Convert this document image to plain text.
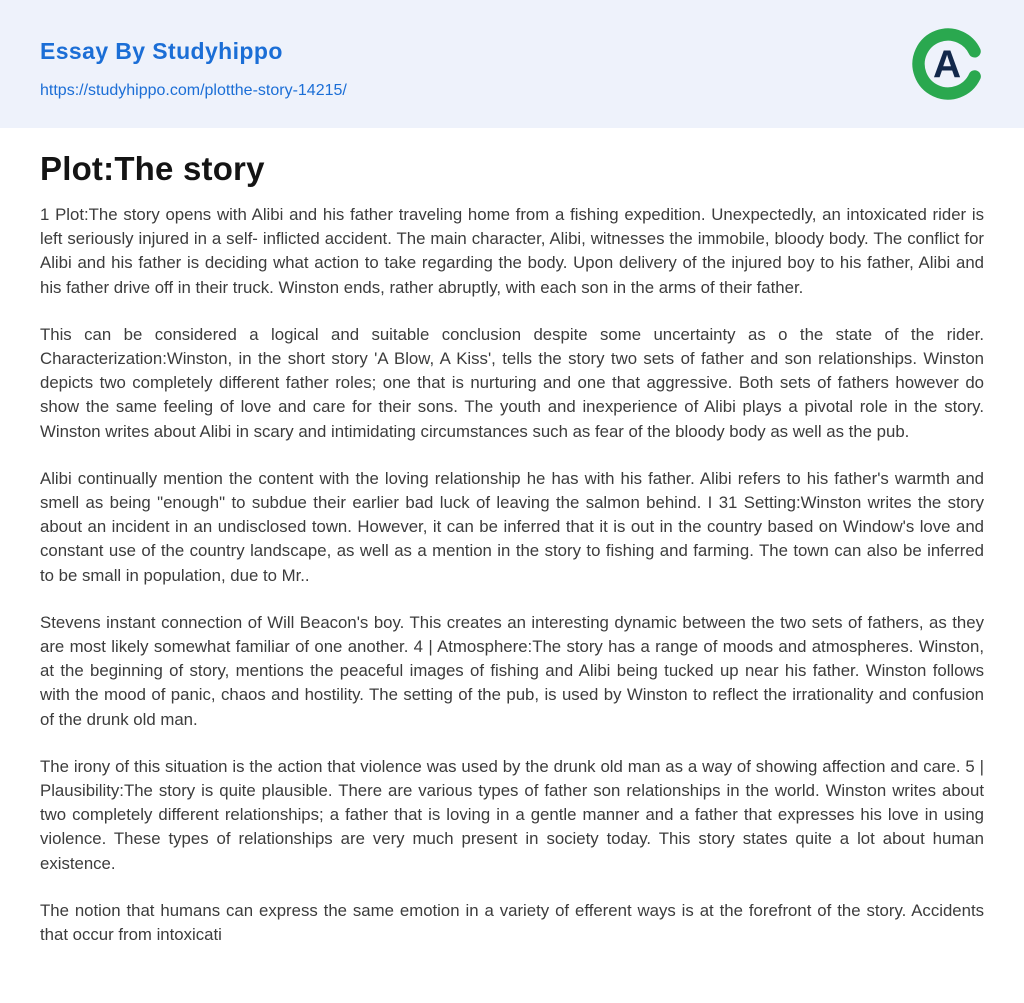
Essay By Studyhippo
https://studyhippo.com/plotthe-story-14215/
A
Plot:The story

1 Plot:The story opens with Alibi and his father traveling home from a fishing expedition. Unexpectedly, an intoxicated rider is left seriously injured in a self- inflicted accident. The main character, Alibi, witnesses the immobile, bloody body. The conflict for Alibi and his father is deciding what action to take regarding the body. Upon delivery of the injured boy to his father, Alibi and his father drive off in their truck. Winston ends, rather abruptly, with each son in the arms of their father.

This can be considered a logical and suitable conclusion despite some uncertainty as o the state of the rider. Characterization:Winston, in the short story 'A Blow, A Kiss', tells the story two sets of father and son relationships. Winston depicts two completely different father roles; one that is nurturing and one that aggressive. Both sets of fathers however do show the same feeling of love and care for their sons. The youth and inexperience of Alibi plays a pivotal role in the story. Winston writes about Alibi in scary and intimidating circumstances such as fear of the bloody body as well as the pub.

Alibi continually mention the content with the loving relationship he has with his father. Alibi refers to his father's warmth and smell as being "enough" to subdue their earlier bad luck of leaving the salmon behind. I 31 Setting:Winston writes the story about an incident in an undisclosed town. However, it can be inferred that it is out in the country based on Window's love and constant use of the country landscape, as well as a mention in the story to fishing and farming. The town can also be inferred to be small in population, due to Mr..

Stevens instant connection of Will Beacon's boy. This creates an interesting dynamic between the two sets of fathers, as they are most likely somewhat familiar of one another. 4 | Atmosphere:The story has a range of moods and atmospheres. Winston, at the beginning of story, mentions the peaceful images of fishing and Alibi being tucked up near his father. Winston follows with the mood of panic, chaos and hostility. The setting of the pub, is used by Winston to reflect the irrationality and confusion of the drunk old man.

The irony of this situation is the action that violence was used by the drunk old man as a way of showing affection and care. 5 | Plausibility:The story is quite plausible. There are various types of father son relationships in the world. Winston writes about two completely different relationships; a father that is loving in a gentle manner and a father that expresses his love in using violence. These types of relationships are very much present in society today. This story states quite a lot about human existence.

The notion that humans can express the same emotion in a variety of efferent ways is at the forefront of the story. Accidents that occur from intoxicati
